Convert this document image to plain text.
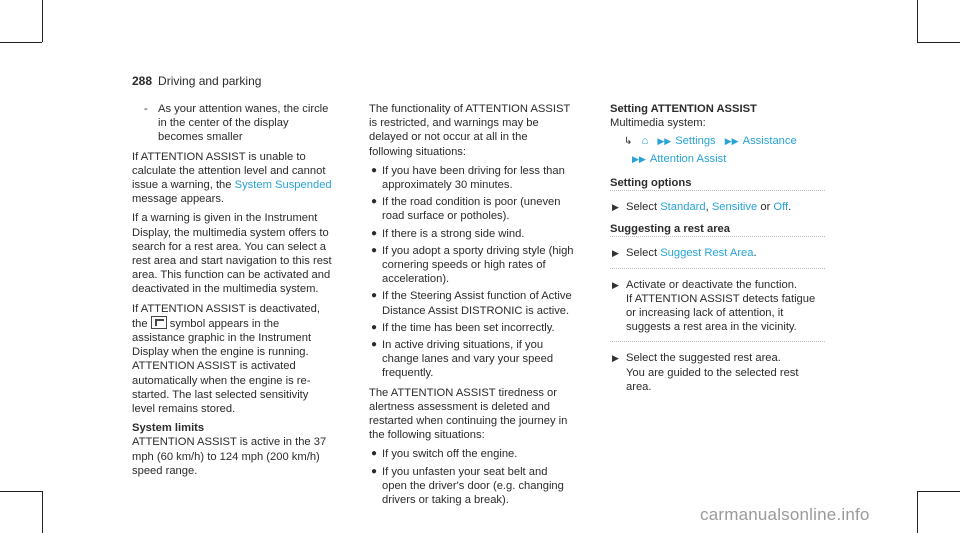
288 Driving and parking
- As your attention wanes, the circle in the center of the display becomes smaller

If ATTENTION ASSIST is unable to calculate the attention level and cannot issue a warning, the System Suspended message appears.

If a warning is given in the Instrument Display, the multimedia system offers to search for a rest area. You can select a rest area and start navigation to this rest area. This function can be activated and deactivated in the multimedia system.

If ATTENTION ASSIST is deactivated, the  symbol appears in the assistance graphic in the Instrument Display when the engine is running. ATTENTION ASSIST is activated automatically when the engine is re-started. The last selected sensitivity level remains stored.

System limits

ATTENTION ASSIST is active in the 37 mph (60 km/h) to 124 mph (200 km/h) speed range.

The functionality of ATTENTION ASSIST is restricted, and warnings may be delayed or not occur at all in the following situations:

● If you have been driving for less than approximately 30 minutes.
● If the road condition is poor (uneven road surface or potholes).
● If there is a strong side wind.
● If you adopt a sporty driving style (high cornering speeds or high rates of acceleration).
● If the Steering Assist function of Active Distance Assist DISTRONIC is active.
● If the time has been set incorrectly.
● In active driving situations, if you change lanes and vary your speed frequently.

The ATTENTION ASSIST tiredness or alertness assessment is deleted and restarted when continuing the journey in the following situations:

● If you switch off the engine.
● If you unfasten your seat belt and open the driver's door (e.g. changing drivers or taking a break).
Setting ATTENTION ASSIST
Multimedia system:
↳ ⌂ ▶▶ Settings ▶▶ Assistance
▶▶ Attention Assist
Setting options
▶ Select Standard, Sensitive or Off.
Suggesting a rest area
▶ Select Suggest Rest Area.
▶ Activate or deactivate the function.
If ATTENTION ASSIST detects fatigue or increasing lack of attention, it suggests a rest area in the vicinity.
▶ Select the suggested rest area.
You are guided to the selected rest area.
carmanualsonline.info
